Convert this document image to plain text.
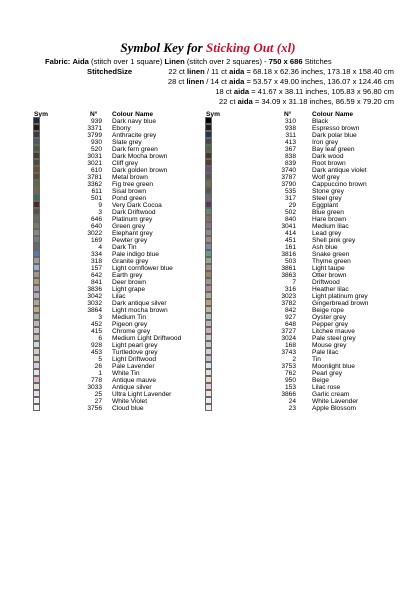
Symbol Key for Sticking Out (xl)
Fabric: Aida (stitch over 1 square) Linen (stitch over 2 squares) - 750 x 686 Stitches
StitchedSize	22 ct linen / 11 ct aida = 68.18 x 62.36 inches, 173.18 x 158.40 cm
28 ct linen / 14 ct aida = 53.57 x 49.00 inches, 136.07 x 124.46 cm
18 ct aida = 41.67 x 38.11 inches, 105.83 x 96.80 cm
22 ct aida = 34.09 x 31.18 inches, 86.59 x 79.20 cm
Sym	N° Colour Name
939 Dark navy blue
3371 Ebony
3799 Anthracite grey
930 Slate grey
520 Dark fern green
3031 Dark Mocha brown
3021 Cliff grey
610 Dark golden brown
3781 Metal brown
3362 Fig tree green
611 Sisal brown
501 Pond green
9 Very Dark Cocoa
3 Dark Driftwood
646 Platinum grey
640 Green grey
3022 Elephant grey
169 Pewter grey
4 Dark Tin
334 Pale indigo blue
318 Granite grey
157 Light cornflower blue
642 Earth grey
841 Deer brown
3836 Light grape
3042 Lilac
3032 Dark antique silver
3864 Light mocha brown
3 Medium Tin
452 Pigeon grey
415 Chrome grey
6 Medium Light Driftwood
928 Light pearl grey
453 Turtledove grey
5 Light Driftwood
26 Pale Lavender
1 White Tin
778 Antique mauve
3033 Antique silver
25 Ultra Light Lavender
27 White Violet
3756 Cloud blue
Sym	N°	Colour Name
310 Black
938 Espresso brown
311 Dark polar blue
413 Iron grey
367 Bay leaf green
838 Dark wood
839 Root brown
3740 Dark antique violet
3787 Wolf grey
3790 Cappuccino brown
535 Stone grey
317 Steel grey
29 Eggplant
502 Blue green
840 Hare brown
3041 Medium lilac
414 Lead grey
451 Shell pink grey
161 Ash blue
3816 Snake green
503 Thyme green
3861 Light taupe
3863 Otter brown
7 Driftwood
316 Heather lilac
3023 Light platinum grey
3782 Gingerbread brown
842 Beige rope
927 Oyster grey
648 Pepper grey
3727 Litchee mauve
3024 Pale steel grey
168 Mouse grey
3743 Pale lilac
2 Tin
3753 Moonlight blue
762 Pearl grey
950 Beige
153 Lilac rose
3866 Garlic cream
24 White Lavender
23 Apple Blossom
